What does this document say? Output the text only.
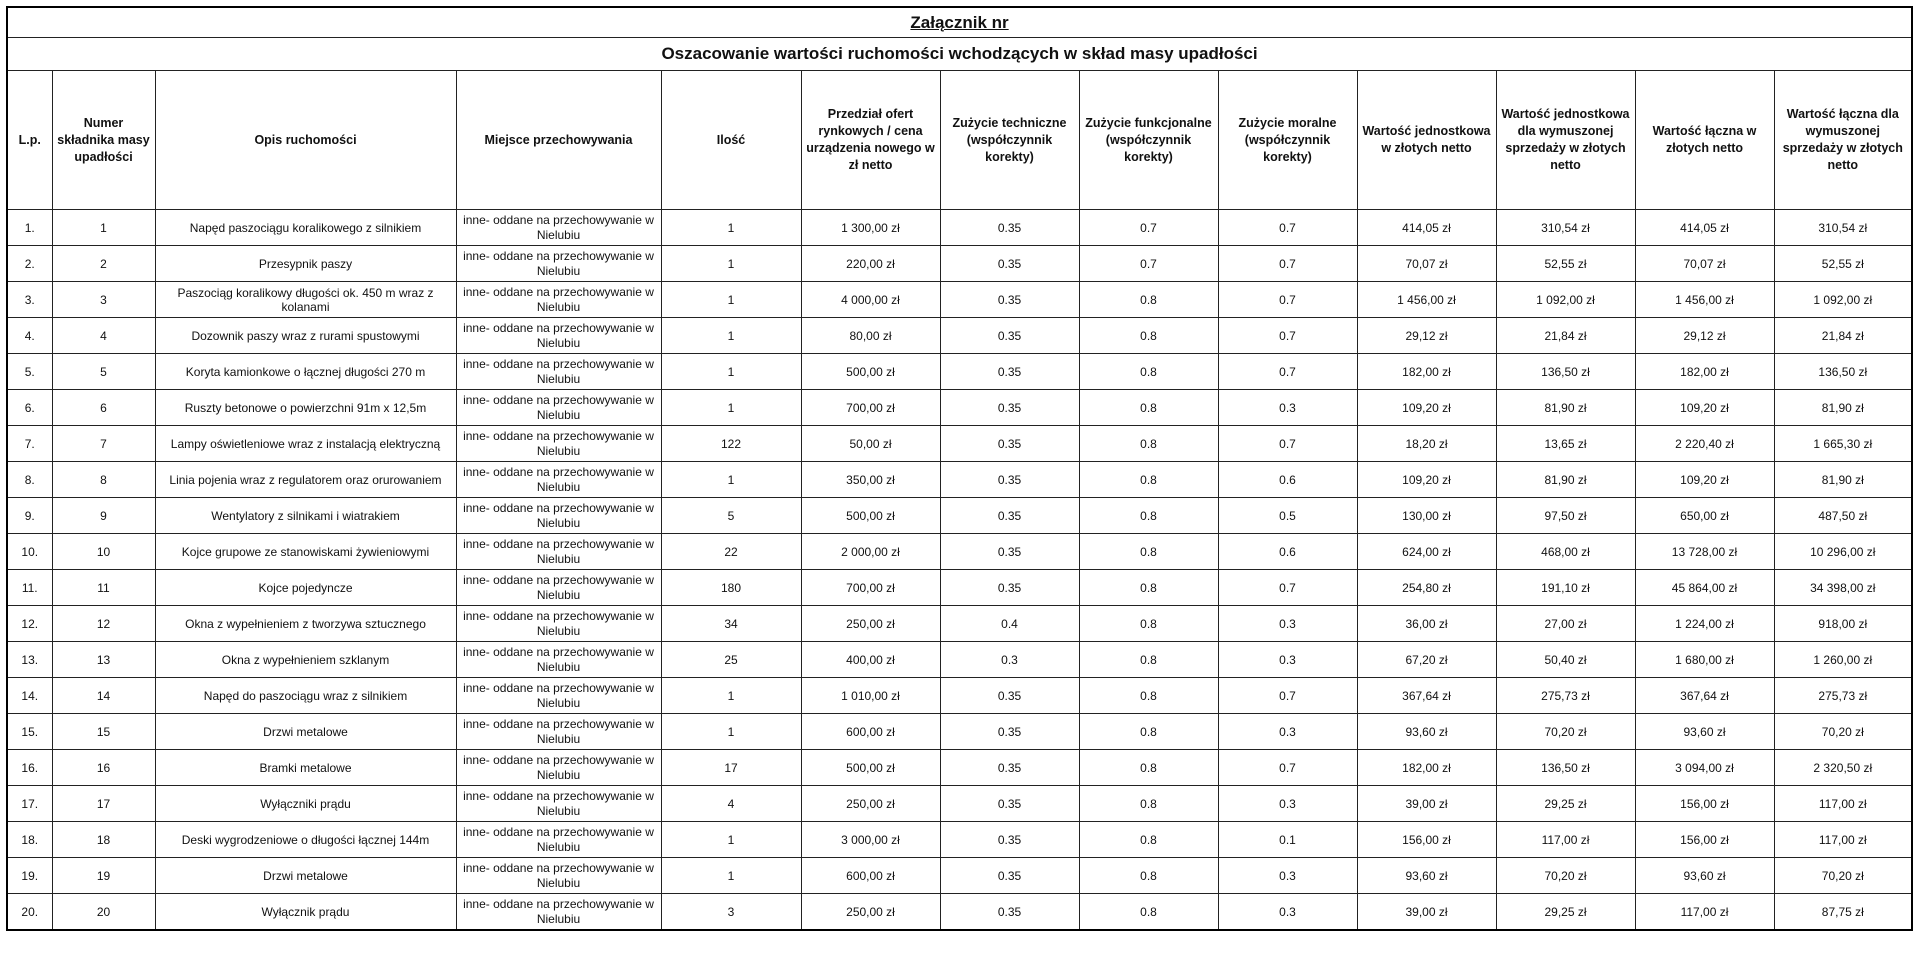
Załącznik nr												
Oszacowanie wartości ruchomości wchodzących w skład masy upadłości												
L.p.	Numer składnika masy upadłości	Opis ruchomości	Miejsce przechowywania	Ilość	Przedział ofert rynkowych / cena urządzenia nowego w zł netto	Zużycie techniczne (współczynnik korekty)	Zużycie funkcjonalne (współczynnik korekty)	Zużycie moralne (współczynnik korekty)	Wartość jednostkowa w złotych netto	Wartość jednostkowa dla wymuszonej sprzedaży w złotych netto	Wartość łączna w złotych netto	Wartość łączna dla wymuszonej sprzedaży w złotych netto
1.	1	Napęd paszociągu koralikowego z silnikiem	inne- oddane na przechowywanie w Nielubiu	1	1 300,00 zł	0.35	0.7	0.7	414,05 zł	310,54 zł	414,05 zł	310,54 zł
2.	2	Przesypnik paszy	inne- oddane na przechowywanie w Nielubiu	1	220,00 zł	0.35	0.7	0.7	70,07 zł	52,55 zł	70,07 zł	52,55 zł
3.	3	Paszociąg koralikowy długości ok. 450 m wraz z kolanami	inne- oddane na przechowywanie w Nielubiu	1	4 000,00 zł	0.35	0.8	0.7	1 456,00 zł	1 092,00 zł	1 456,00 zł	1 092,00 zł
4.	4	Dozownik paszy wraz z rurami spustowymi	inne- oddane na przechowywanie w Nielubiu	1	80,00 zł	0.35	0.8	0.7	29,12 zł	21,84 zł	29,12 zł	21,84 zł
5.	5	Koryta kamionkowe o łącznej długości 270 m	inne- oddane na przechowywanie w Nielubiu	1	500,00 zł	0.35	0.8	0.7	182,00 zł	136,50 zł	182,00 zł	136,50 zł
6.	6	Ruszty betonowe o powierzchni 91m x 12,5m	inne- oddane na przechowywanie w Nielubiu	1	700,00 zł	0.35	0.8	0.3	109,20 zł	81,90 zł	109,20 zł	81,90 zł
7.	7	Lampy oświetleniowe wraz z instalacją elektryczną	inne- oddane na przechowywanie w Nielubiu	122	50,00 zł	0.35	0.8	0.7	18,20 zł	13,65 zł	2 220,40 zł	1 665,30 zł
8.	8	Linia pojenia wraz z regulatorem oraz orurowaniem	inne- oddane na przechowywanie w Nielubiu	1	350,00 zł	0.35	0.8	0.6	109,20 zł	81,90 zł	109,20 zł	81,90 zł
9.	9	Wentylatory z silnikami i wiatrakiem	inne- oddane na przechowywanie w Nielubiu	5	500,00 zł	0.35	0.8	0.5	130,00 zł	97,50 zł	650,00 zł	487,50 zł
10.	10	Kojce grupowe ze stanowiskami żywieniowymi	inne- oddane na przechowywanie w Nielubiu	22	2 000,00 zł	0.35	0.8	0.6	624,00 zł	468,00 zł	13 728,00 zł	10 296,00 zł
11.	11	Kojce pojedyncze	inne- oddane na przechowywanie w Nielubiu	180	700,00 zł	0.35	0.8	0.7	254,80 zł	191,10 zł	45 864,00 zł	34 398,00 zł
12.	12	Okna z wypełnieniem z tworzywa sztucznego	inne- oddane na przechowywanie w Nielubiu	34	250,00 zł	0.4	0.8	0.3	36,00 zł	27,00 zł	1 224,00 zł	918,00 zł
13.	13	Okna z wypełnieniem szklanym	inne- oddane na przechowywanie w Nielubiu	25	400,00 zł	0.3	0.8	0.3	67,20 zł	50,40 zł	1 680,00 zł	1 260,00 zł
14.	14	Napęd do paszociągu wraz z silnikiem	inne- oddane na przechowywanie w Nielubiu	1	1 010,00 zł	0.35	0.8	0.7	367,64 zł	275,73 zł	367,64 zł	275,73 zł
15.	15	Drzwi metalowe	inne- oddane na przechowywanie w Nielubiu	1	600,00 zł	0.35	0.8	0.3	93,60 zł	70,20 zł	93,60 zł	70,20 zł
16.	16	Bramki metalowe	inne- oddane na przechowywanie w Nielubiu	17	500,00 zł	0.35	0.8	0.7	182,00 zł	136,50 zł	3 094,00 zł	2 320,50 zł
17.	17	Wyłączniki prądu	inne- oddane na przechowywanie w Nielubiu	4	250,00 zł	0.35	0.8	0.3	39,00 zł	29,25 zł	156,00 zł	117,00 zł
18.	18	Deski wygrodzeniowe o długości łącznej 144m	inne- oddane na przechowywanie w Nielubiu	1	3 000,00 zł	0.35	0.8	0.1	156,00 zł	117,00 zł	156,00 zł	117,00 zł
19.	19	Drzwi metalowe	inne- oddane na przechowywanie w Nielubiu	1	600,00 zł	0.35	0.8	0.3	93,60 zł	70,20 zł	93,60 zł	70,20 zł
20.	20	Wyłącznik prądu	inne- oddane na przechowywanie w Nielubiu	3	250,00 zł	0.35	0.8	0.3	39,00 zł	29,25 zł	117,00 zł	87,75 zł
